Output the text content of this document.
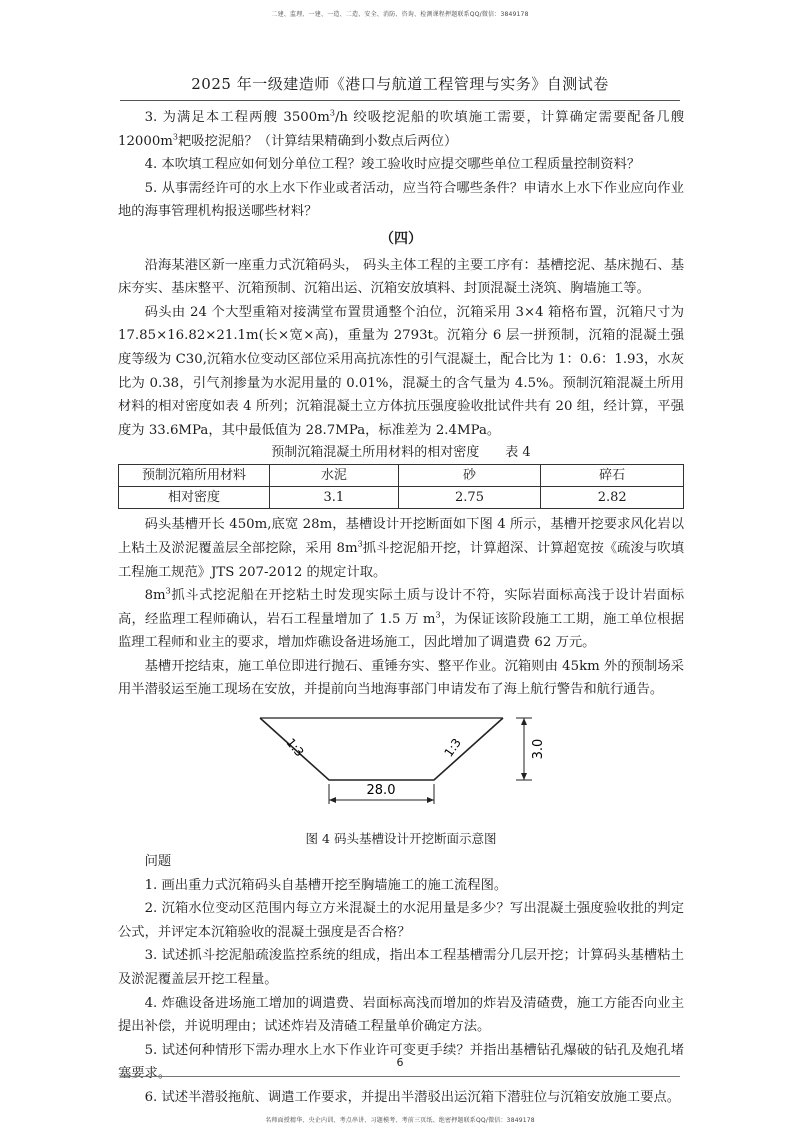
二建、监理、一建、一造、二造、安全、消防、咨询、检测课程押题联系QQ/微信：3849178
2025 年一级建造师《港口与航道工程管理与实务》自测试卷

3. 为满足本工程两艘 $3500m^3/h$ 绞吸挖泥船的吹填施工需要，计算确定需要配备几艘 $12000m^3$耙吸挖泥船？（计算结果精确到小数点后两位）

4. 本吹填工程应如何划分单位工程？竣工验收时应提交哪些单位工程质量控制资料？

5. 从事需经许可的水上水下作业或者活动，应当符合哪些条件？申请水上水下作业应向作业地的海事管理机构报送哪些材料？

（四）

沿海某港区新一座重力式沉箱码头， 码头主体工程的主要工序有：基槽挖泥、基床抛石、基床夯实、基床整平、沉箱预制、沉箱出运、沉箱安放填料、封顶混凝土浇筑、胸墙施工等。

码头由 24 个大型重箱对接满堂布置贯通整个泊位，沉箱采用 3×4 箱格布置，沉箱尺寸为 17.85×16.82×21.1m(长×宽×高)，重量为 2793t。沉箱分 6 层一拼预制，沉箱的混凝土强度等级为 C30,沉箱水位变动区部位采用高抗冻性的引气混凝土，配合比为 1：0.6：1.93，水灰比为 0.38，引气剂掺量为水泥用量的 0.01%，混凝土的含气量为 4.5%。预制沉箱混凝土所用材料的相对密度如表 4 所列；沉箱混凝土立方体抗压强度验收批试件共有 20 组，经计算，平强度为 33.6MPa，其中最低值为 28.7MPa，标准差为 2.4MPa。

预制沉箱混凝土所用材料的相对密度 表 4
预制沉箱所用材料	水泥	砂	碎石
相对密度	3.1	2.75	2.82

码头基槽开长 450m,底宽 28m，基槽设计开挖断面如下图 4 所示，基槽开挖要求风化岩以上粘土及淤泥覆盖层全部挖除，采用 $8m^3$抓斗挖泥船开挖，计算超深、计算超宽按《疏浚与吹填工程施工规范》JTS 207-2012 的规定计取。

$8m^3$抓斗式挖泥船在开挖粘土时发现实际土质与设计不符，实际岩面标高浅于设计岩面标高，经监理工程师确认，岩石工程量增加了 1.5 万 $m^3$，为保证该阶段施工工期，施工单位根据监理工程师和业主的要求，增加炸礁设备进场施工，因此增加了调遣费 62 万元。

基槽开挖结束，施工单位即进行抛石、重锤夯实、整平作业。沉箱则由 45km 外的预制场采用半潜驳运至施工现场在安放，并提前向当地海事部门申请发布了海上航行警告和航行通告。

3.0
28.0
1:3	1:3

图 4 码头基槽设计开挖断面示意图

问题

1. 画出重力式沉箱码头自基槽开挖至胸墙施工的施工流程图。

2. 沉箱水位变动区范围内每立方米混凝土的水泥用量是多少？写出混凝土强度验收批的判定公式，并评定本沉箱验收的混凝土强度是否合格？

3. 试述抓斗挖泥船疏浚监控系统的组成，指出本工程基槽需分几层开挖；计算码头基槽粘土及淤泥覆盖层开挖工程量。

4. 炸礁设备进场施工增加的调遣费、岩面标高浅而增加的炸岩及清碴费，施工方能否向业主提出补偿，并说明理由；试述炸岩及清碴工程量单价确定方法。

5. 试述何种情形下需办理水上水下作业许可变更手续？并指出基槽钻孔爆破的钻孔及炮孔堵塞要求。

6. 试述半潜驳拖航、调遣工作要求，并提出半潜驳出运沉箱下潜驻位与沉箱安放施工要点。

6
名师面授精华、央企内训、考点串讲、习题模考、考前三页纸、绝密押题联系QQ/微信：3849178
